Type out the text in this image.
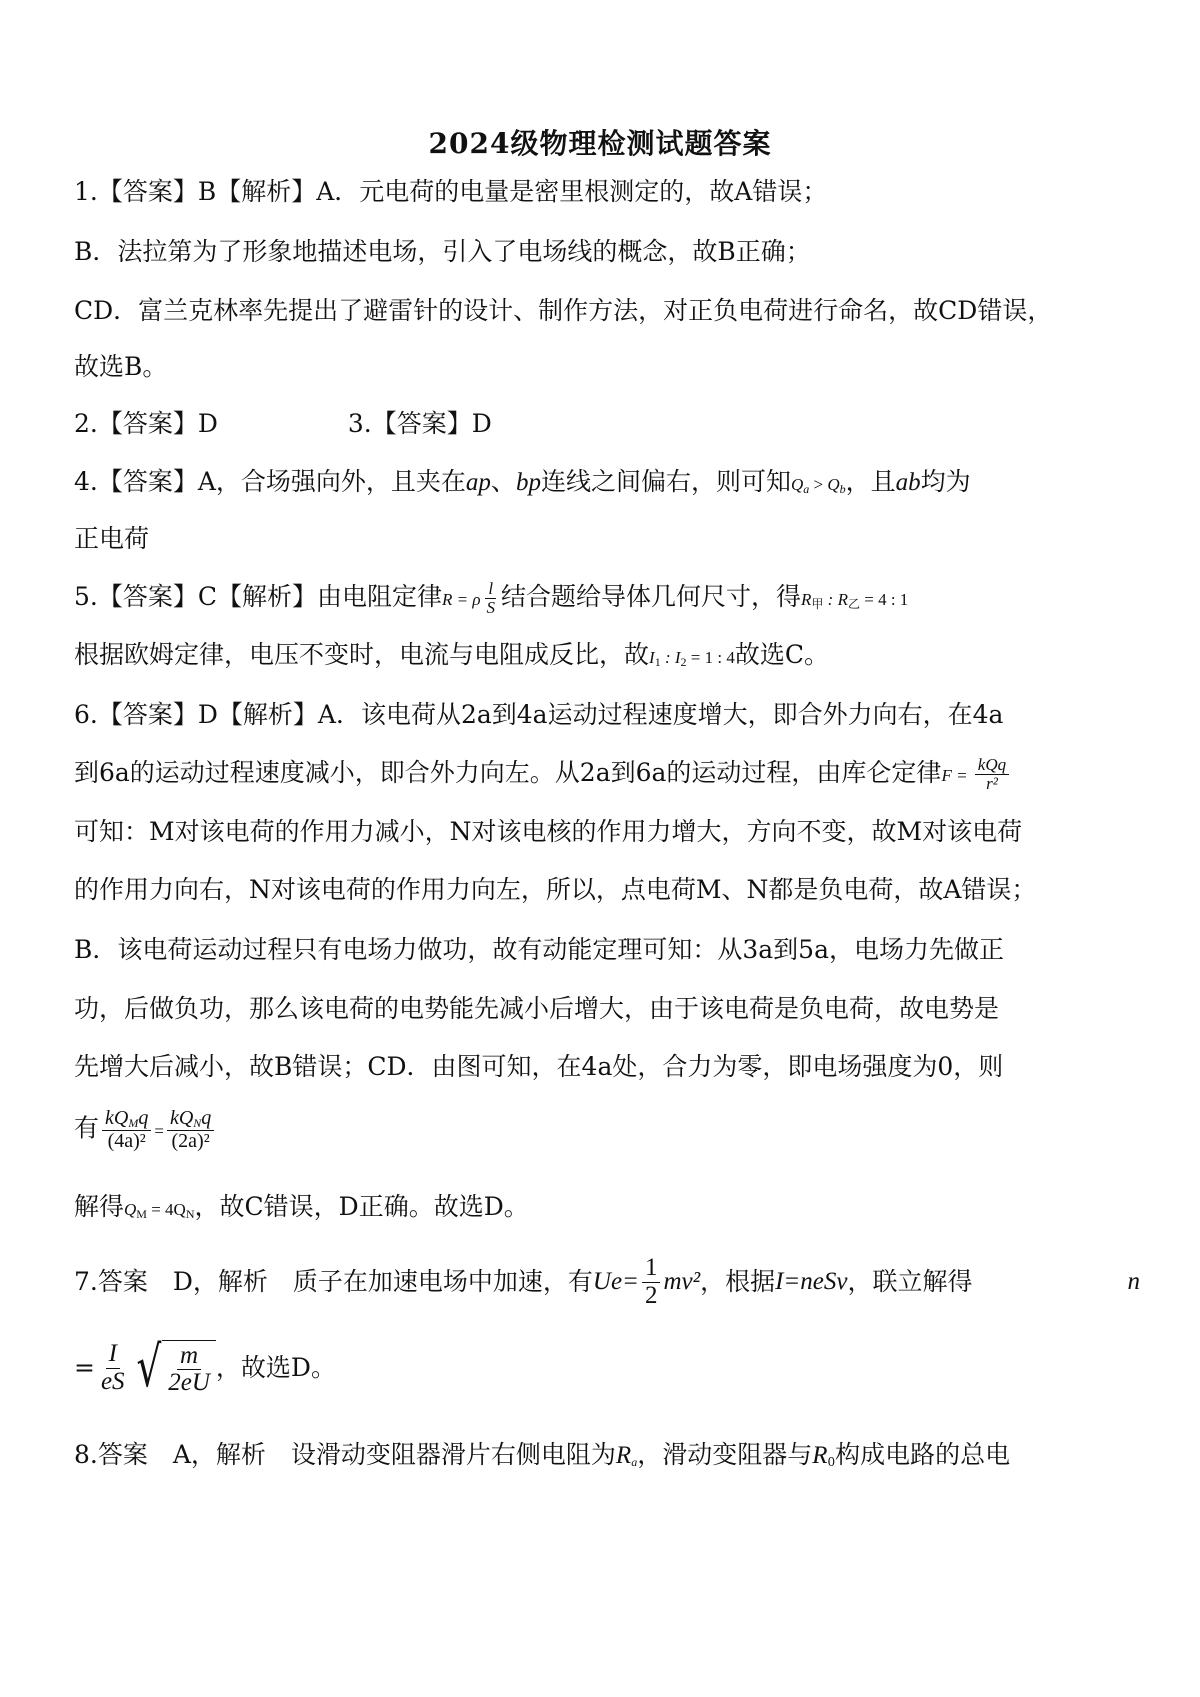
2024级物理检测试题答案
1.【答案】B【解析】A．元电荷的电量是密里根测定的，故A错误；
B．法拉第为了形象地描述电场，引入了电场线的概念，故B正确；
CD．富兰克林率先提出了避雷针的设计、制作方法，对正负电荷进行命名，故CD错误，
故选B。
2.【答案】D	3.【答案】D
4.【答案】A，合场强向外，且夹在ap、bp连线之间偏右，则可知$Q_a > Q_b$，且ab均为
正电荷
5.【答案】C【解析】由电阻定律R = ρ $\frac{l}{S}$ 结合题给导体几何尺寸，得$R_甲$ : $R_乙 = 4$ : 1
根据欧姆定律，电压不变时，电流与电阻成反比，故$I_1$ : $I_2 = 1$ : 4故选C。
6.【答案】D【解析】A．该电荷从2a到4a运动过程速度增大，即合外力向右，在4a
到6a的运动过程速度减小，即合外力向左。从2a到6a的运动过程，由库仑定律$F = \frac{\text{kQq}}{\text{r²}}$
可知：M对该电荷的作用力减小，N对该电核的作用力增大，方向不变，故M对该电荷
的作用力向右，N对该电荷的作用力向左，所以，点电荷M、N都是负电荷，故A错误；
B．该电荷运动过程只有电场力做功，故有动能定理可知：从3a到5a，电场力先做正
功，后做负功，那么该电荷的电势能先减小后增大，由于该电荷是负电荷，故电势是
先增大后减小，故B错误；CD．由图可知，在4a处，合力为零，即电场强度为0，则
有 $\frac{kQ_Mq}{\text{(4a)²}} = \frac{kQ_Nq}{\text{(2a)²}}$
解得$Q_M = 4Q_N$，故C错误，D正确。故选D。
7.答案　D，解析　质子在加速电场中加速，有 $Ue= \frac{1}{2} mv^2$ ，根据 I=neSv ，联立解得	n
= $\frac{I}{eS}$ √ $\frac{m}{2eU}$ ，故选D。
8.答案　A，解析　设滑动变阻器滑片右侧电阻为$R_a$，滑动变阻器与$R_0$构成电路的总电
